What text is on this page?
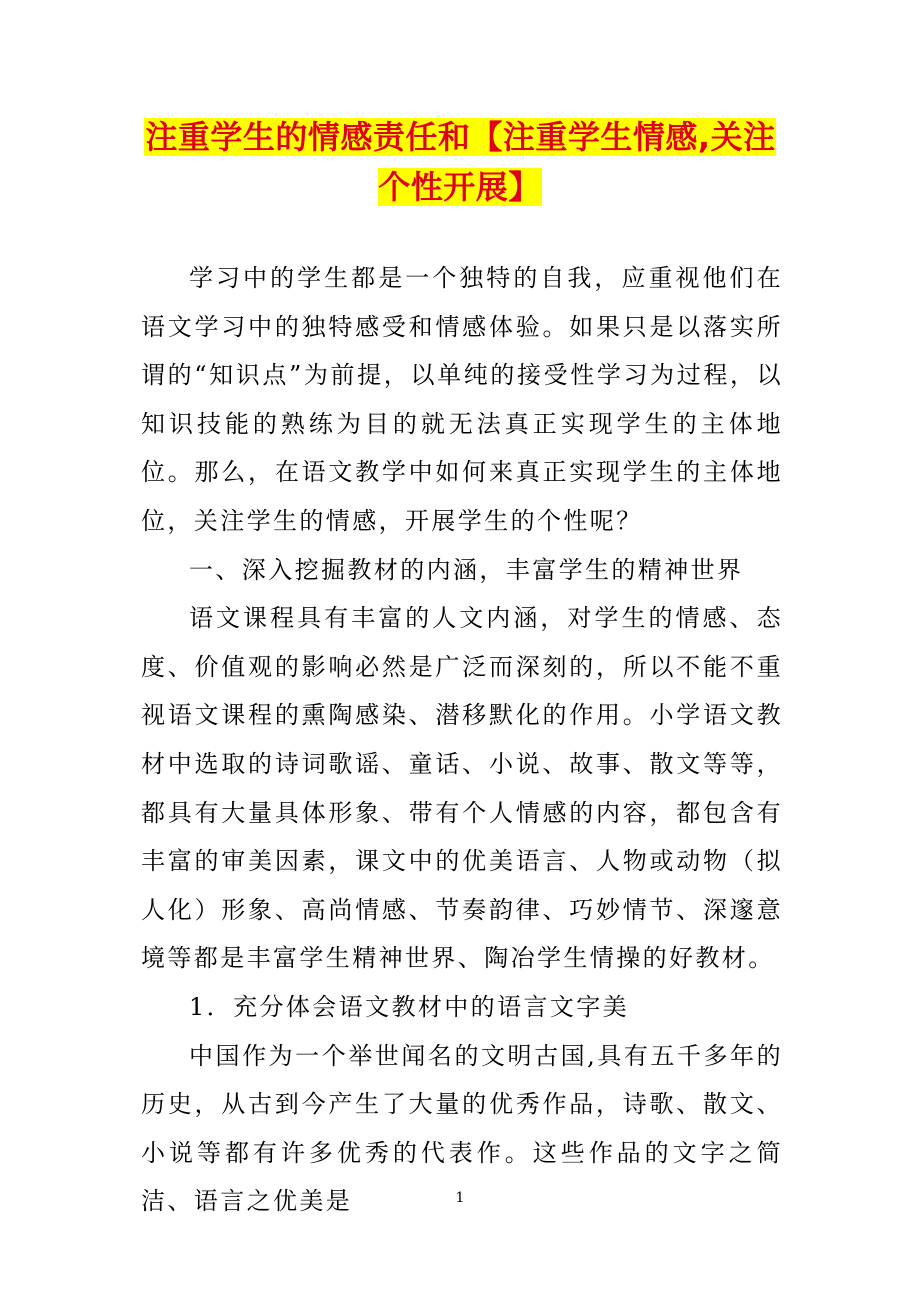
注重学生的情感责任和【注重学生情感,关注个性开展】

学习中的学生都是一个独特的自我，应重视他们在语文学习中的独特感受和情感体验。如果只是以落实所谓的“知识点”为前提，以单纯的接受性学习为过程，以知识技能的熟练为目的就无法真正实现学生的主体地位。那么，在语文教学中如何来真正实现学生的主体地位，关注学生的情感，开展学生的个性呢？

一、深入挖掘教材的内涵，丰富学生的精神世界

语文课程具有丰富的人文内涵，对学生的情感、态度、价值观的影响必然是广泛而深刻的，所以不能不重视语文课程的熏陶感染、潜移默化的作用。小学语文教材中选取的诗词歌谣、童话、小说、故事、散文等等，都具有大量具体形象、带有个人情感的内容，都包含有丰富的审美因素，课文中的优美语言、人物或动物（拟人化）形象、高尚情感、节奏韵律、巧妙情节、深邃意境等都是丰富学生精神世界、陶冶学生情操的好教材。

1．充分体会语文教材中的语言文字美

中国作为一个举世闻名的文明古国,具有五千多年的历史，从古到今产生了大量的优秀作品，诗歌、散文、小说等都有许多优秀的代表作。这些作品的文字之简洁、语言之优美是	1
